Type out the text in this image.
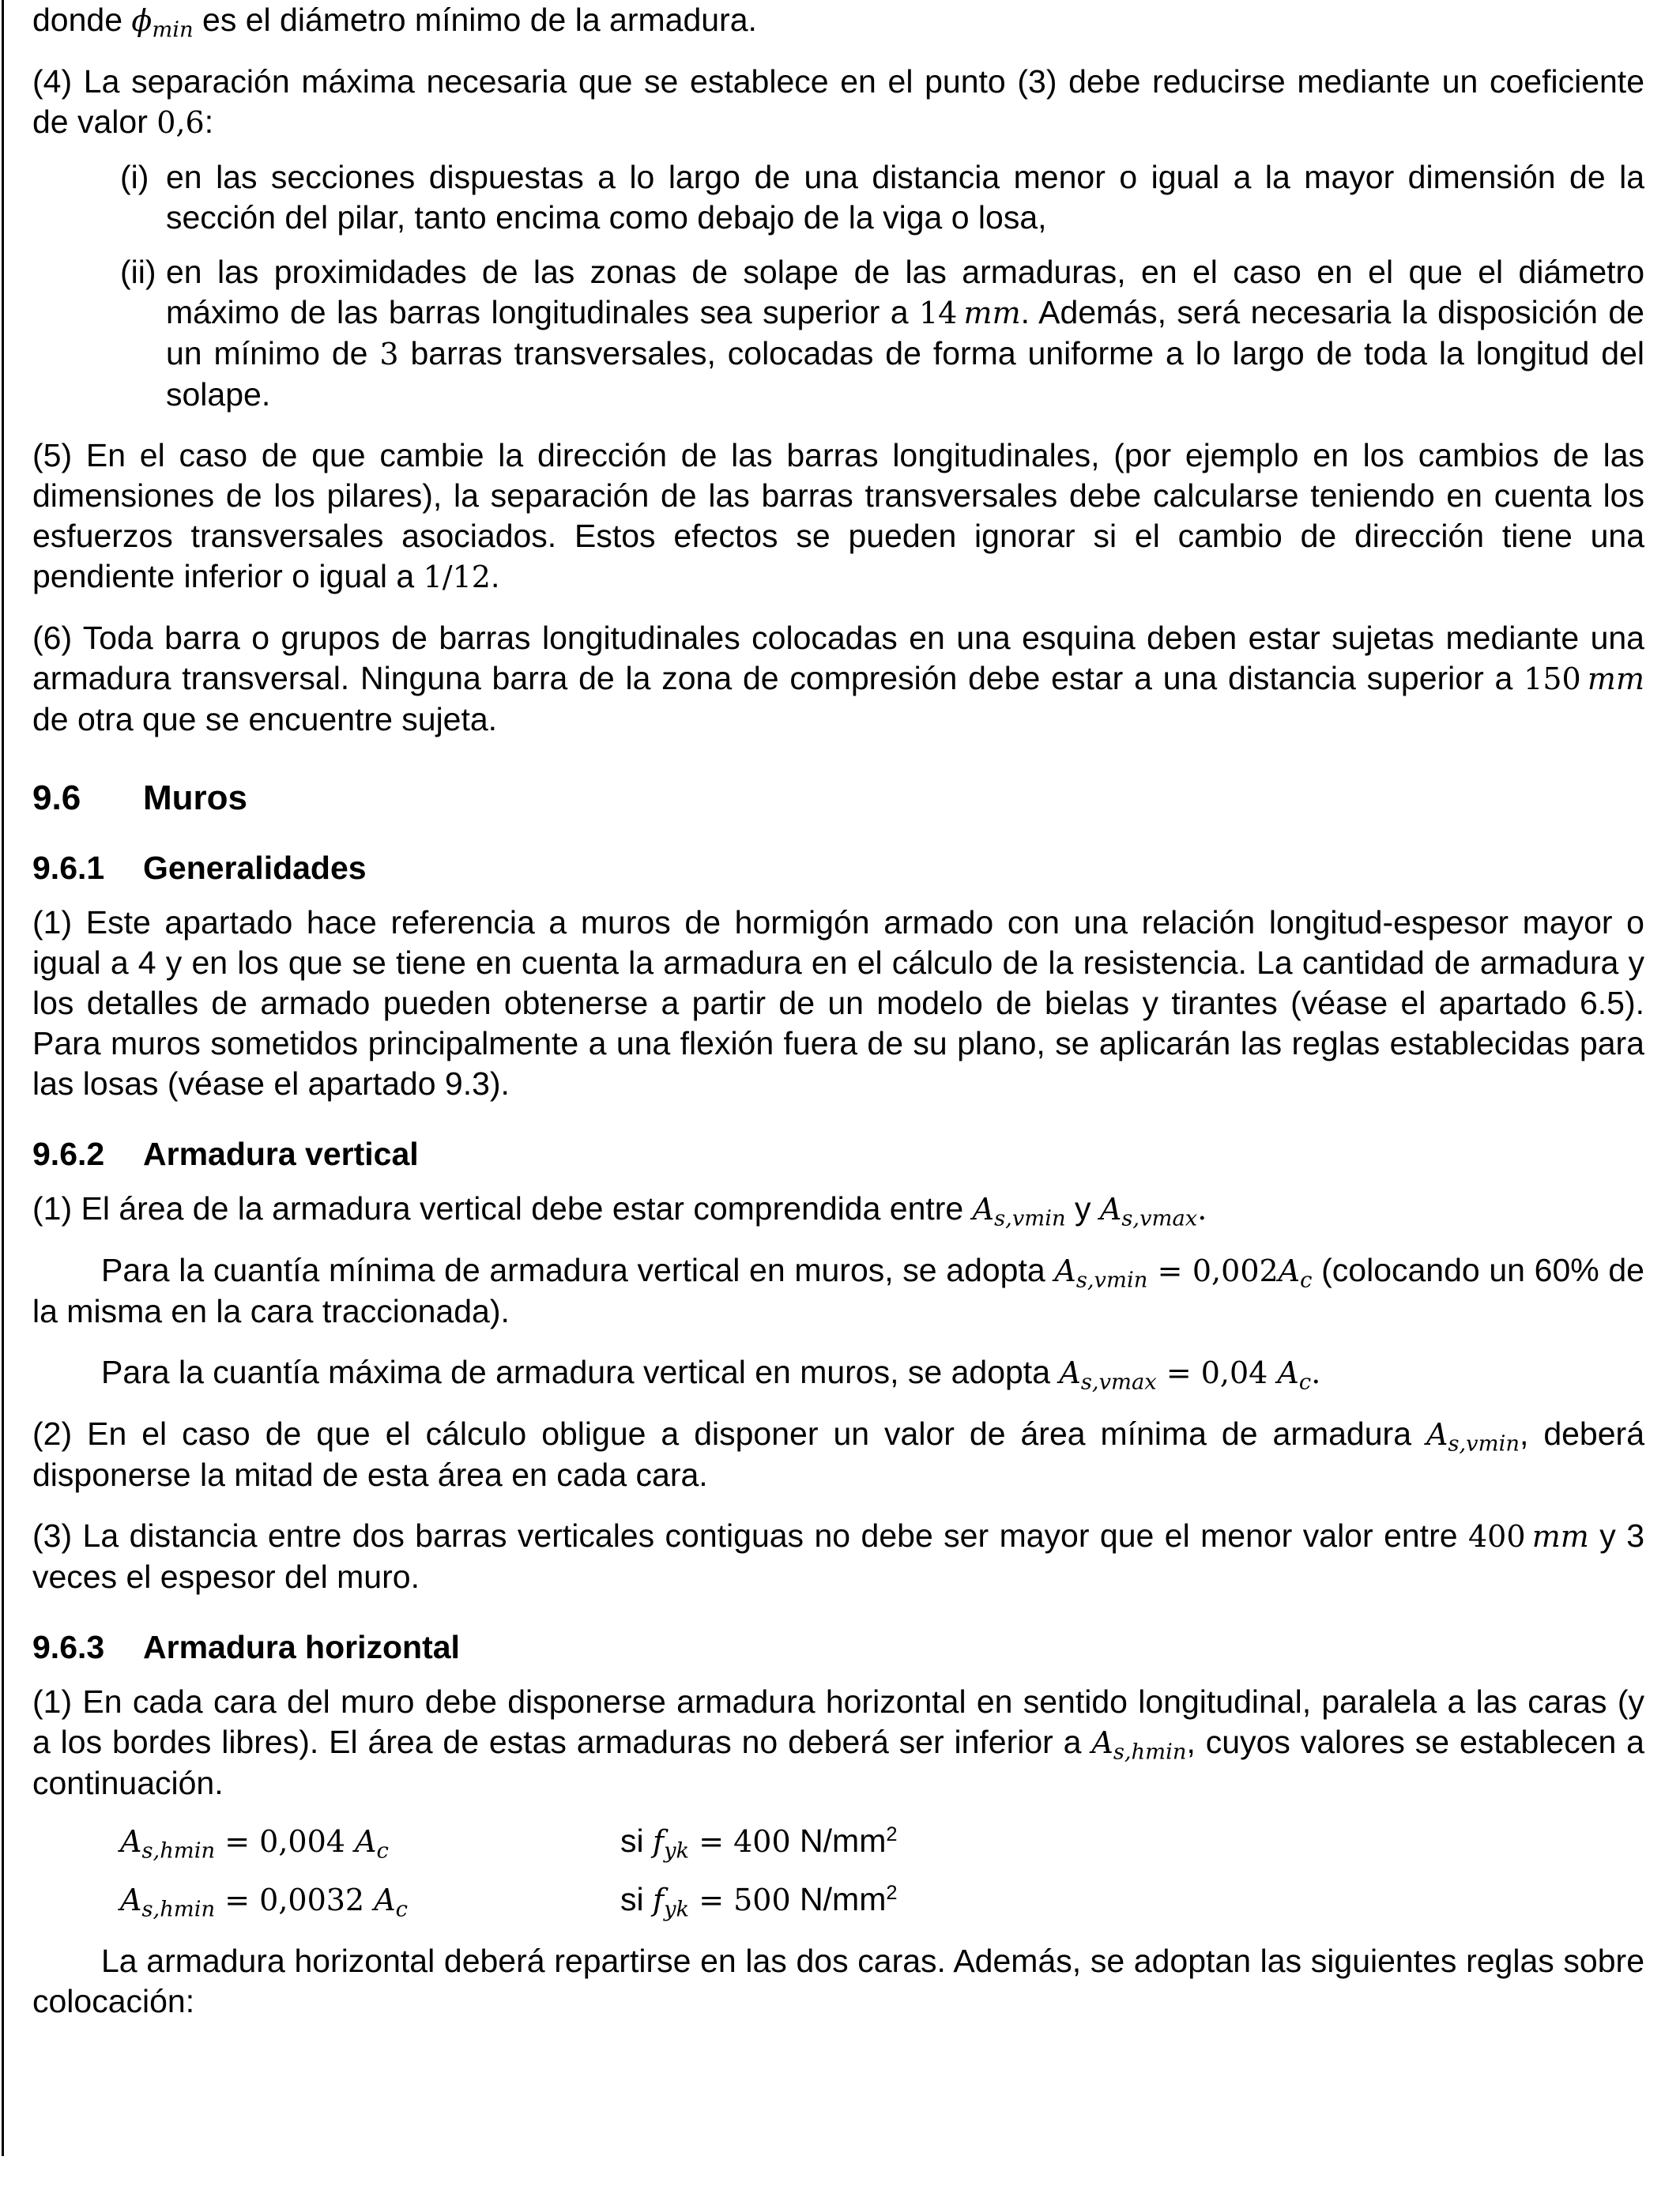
donde $\phi_{min}$ es el diámetro mínimo de la armadura.

(4) La separación máxima necesaria que se establece en el punto (3) debe reducirse mediante un coeficiente de valor 0,6:

(i) en las secciones dispuestas a lo largo de una distancia menor o igual a la mayor dimensión de la sección del pilar, tanto encima como debajo de la viga o losa,
(ii) en las proximidades de las zonas de solape de las armaduras, en el caso en el que el diámetro máximo de las barras longitudinales sea superior a 14  mm. Además, será necesaria la disposición de un mínimo de 3 barras transversales, colocadas de forma uniforme a lo largo de toda la longitud del solape.

(5) En el caso de que cambie la dirección de las barras longitudinales, (por ejemplo en los cambios de las dimensiones de los pilares), la separación de las barras transversales debe calcularse teniendo en cuenta los esfuerzos transversales asociados. Estos efectos se pueden ignorar si el cambio de dirección tiene una pendiente inferior o igual a 1/12.

(6) Toda barra o grupos de barras longitudinales colocadas en una esquina deben estar sujetas mediante una armadura transversal. Ninguna barra de la zona de compresión debe estar a una distancia superior a 150  mm de otra que se encuentre sujeta.

9.6	Muros
9.6.1	Generalidades

(1) Este apartado hace referencia a muros de hormigón armado con una relación longitud-espesor mayor o igual a 4 y en los que se tiene en cuenta la armadura en el cálculo de la resistencia. La cantidad de armadura y los detalles de armado pueden obtenerse a partir de un modelo de bielas y tirantes (véase el apartado 6.5). Para muros sometidos principalmente a una flexión fuera de su plano, se aplicarán las reglas establecidas para las losas (véase el apartado 9.3).

9.6.2	Armadura vertical

(1) El área de la armadura vertical debe estar comprendida entre $A_{s,vmin}$ y $A_{s,vmax}$.

Para la cuantía mínima de armadura vertical en muros, se adopta $A_{s,vmin} = 0,002A_c$ (colocando un 60% de la misma en la cara traccionada).

Para la cuantía máxima de armadura vertical en muros, se adopta $A_{s,vmax} = 0,04$ $A_c$.

(2) En el caso de que el cálculo obligue a disponer un valor de área mínima de armadura $A_{s,vmin}$, deberá disponerse la mitad de esta área en cada cara.

(3) La distancia entre dos barras verticales contiguas no debe ser mayor que el menor valor entre 400  mm y 3 veces el espesor del muro.

9.6.3	Armadura horizontal

(1) En cada cara del muro debe disponerse armadura horizontal en sentido longitudinal, paralela a las caras (y a los bordes libres). El área de estas armaduras no deberá ser inferior a $A_{s,hmin}$, cuyos valores se establecen a continuación.

$A_{s,hmin} = 0,004$ $A_c$	si $f_{yk} = 400$ $N/mm^2$
$A_{s,hmin} = 0,0032$ $A_c$	si $f_{yk} = 500$ $N/mm^2$

La armadura horizontal deberá repartirse en las dos caras. Además, se adoptan las siguientes reglas sobre colocación:
